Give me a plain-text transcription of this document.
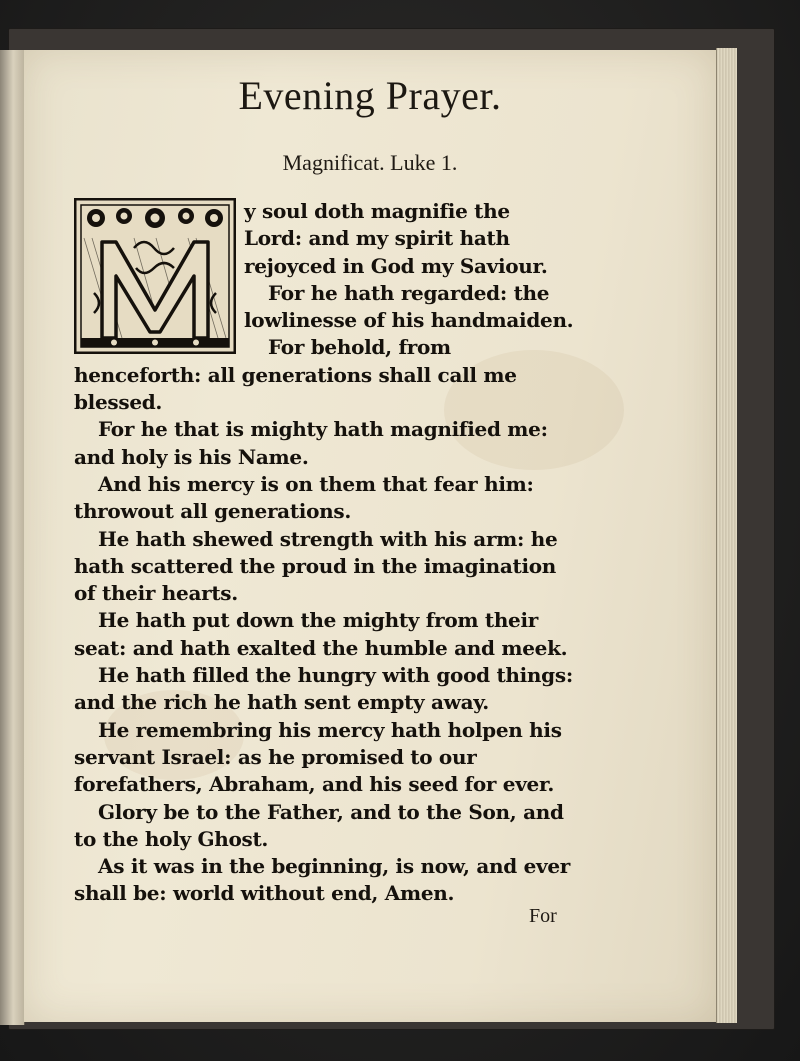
Evening Prayer.
Magnificat. Luke 1.

y soul doth magnifie the Lord: and my spirit hath rejoyced in God my Saviour.

For he hath regarded: the lowlinesse of his handmaiden.

For behold, from henceforth: all generations shall call me blessed.

For he that is mighty hath magnified me: and holy is his Name.

And his mercy is on them that fear him: throwout all generations.

He hath shewed strength with his arm: he hath scattered the proud in the imagination of their hearts.

He hath put down the mighty from their seat: and hath exalted the humble and meek.

He hath filled the hungry with good things: and the rich he hath sent empty away.

He remembring his mercy hath holpen his servant Israel: as he promised to our forefathers, Abraham, and his seed for ever.

Glory be to the Father, and to the Son, and to the holy Ghost.

As it was in the beginning, is now, and ever shall be: world without end, Amen.

For
